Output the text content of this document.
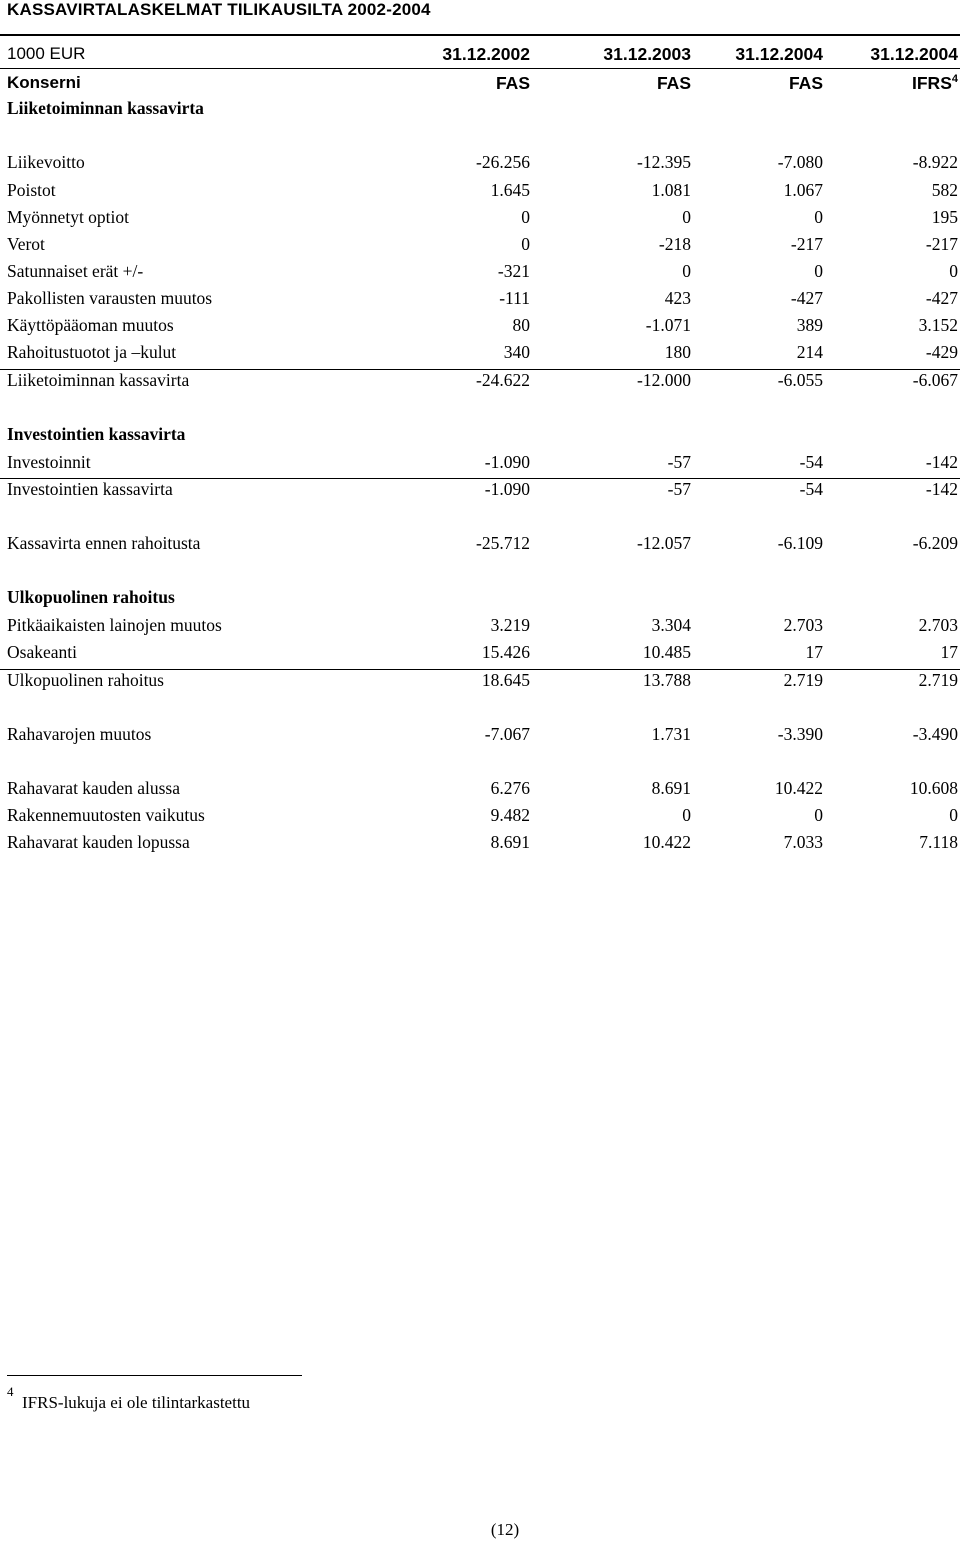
KASSAVIRTALASKELMAT TILIKAUSILTA 2002-2004
1000 EUR	31.12.2002	31.12.2003	31.12.2004	31.12.2004
Konserni	FAS	FAS	FAS	IFRS$^4$
Liiketoiminnan kassavirta
Liikevoitto	-26.256	-12.395	-7.080	-8.922
Poistot	1.645	1.081	1.067	582
Myönnetyt optiot	0	0	0	195
Verot	0	-218	-217	-217
Satunnaiset erät +/-	-321	0	0	0
Pakollisten varausten muutos	-111	423	-427	-427
Käyttöpääoman muutos	80	-1.071	389	3.152
Rahoitustuotot ja –kulut	340	180	214	-429
Liiketoiminnan kassavirta	-24.622	-12.000	-6.055	-6.067
Investointien kassavirta
Investoinnit	-1.090	-57	-54	-142
Investointien kassavirta	-1.090	-57	-54	-142
Kassavirta ennen rahoitusta	-25.712	-12.057	-6.109	-6.209
Ulkopuolinen rahoitus
Pitkäaikaisten lainojen muutos	3.219	3.304	2.703	2.703
Osakeanti	15.426	10.485	17	17
Ulkopuolinen rahoitus	18.645	13.788	2.719	2.719
Rahavarojen muutos	-7.067	1.731	-3.390	-3.490
Rahavarat kauden alussa	6.276	8.691	10.422	10.608
Rakennemuutosten vaikutus	9.482	0	0	0
Rahavarat kauden lopussa	8.691	10.422	7.033	7.118
4
IFRS-lukuja ei ole tilintarkastettu
(12)
